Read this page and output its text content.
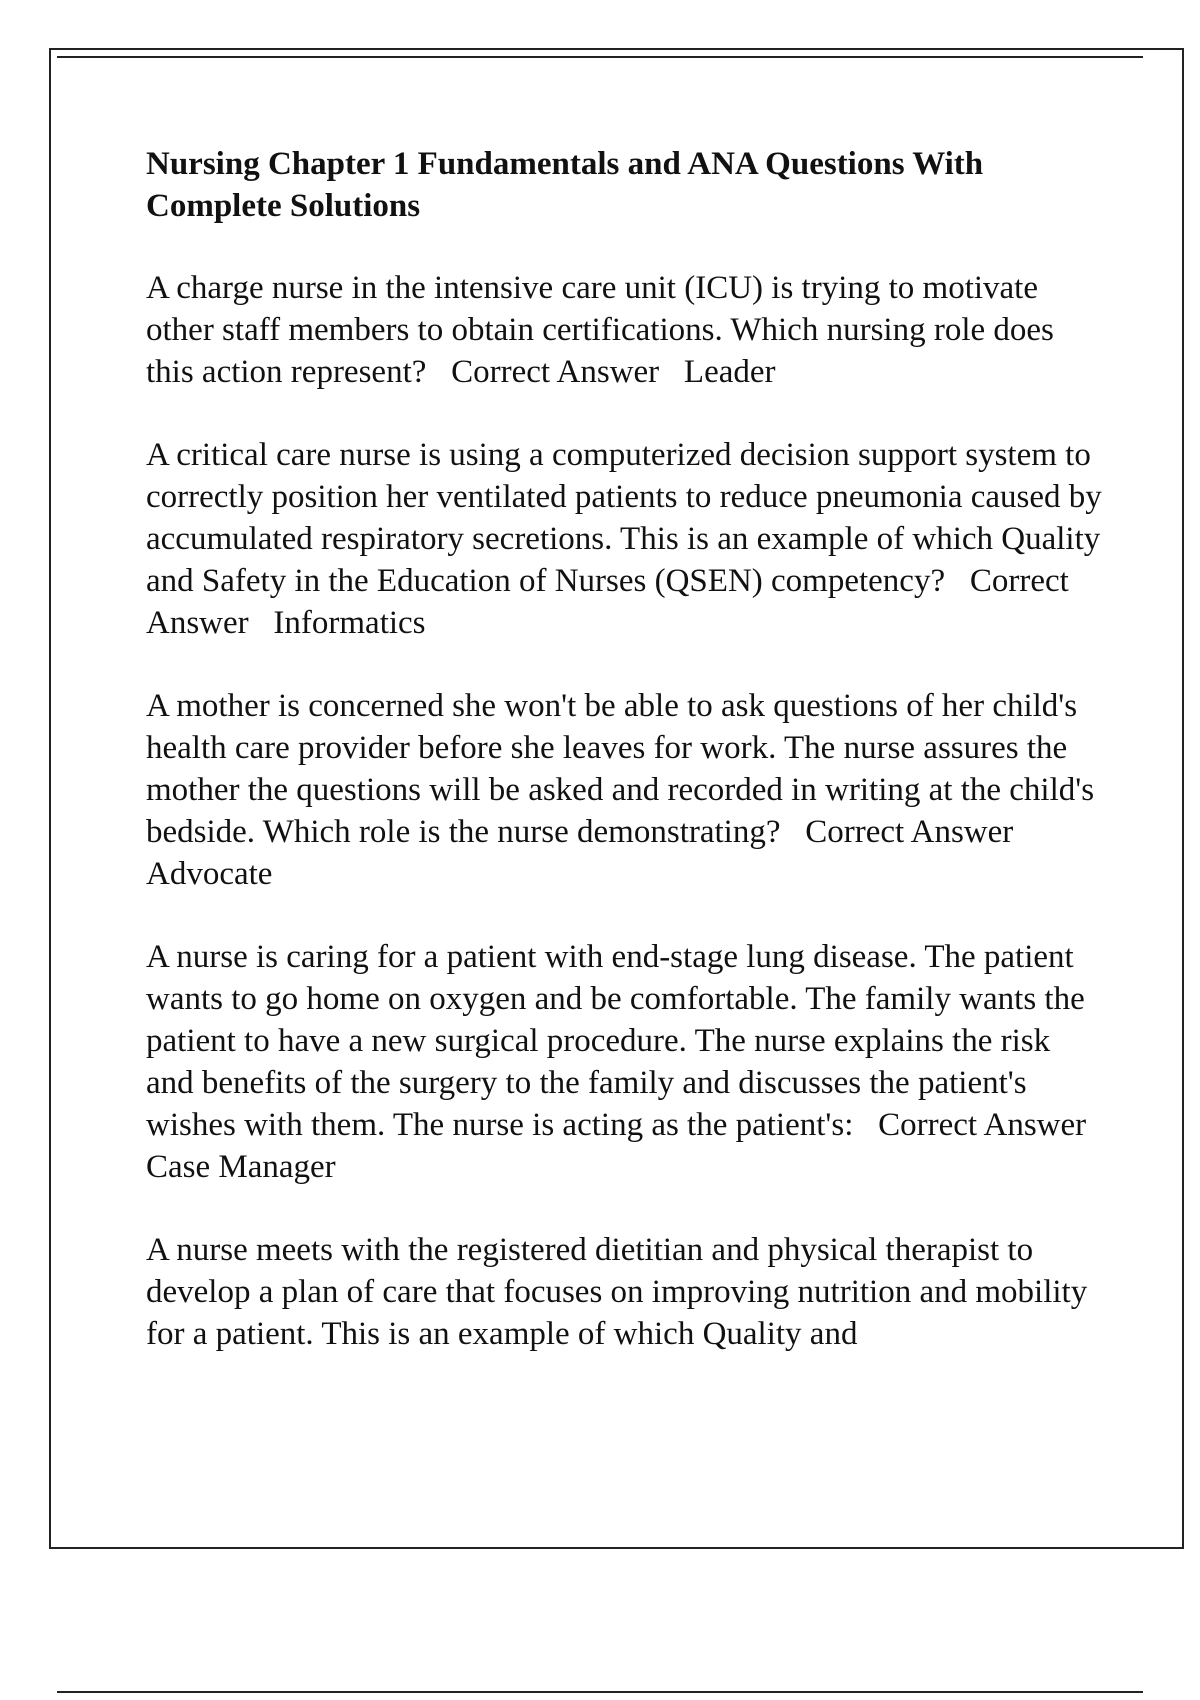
Nursing Chapter 1 Fundamentals and ANA Questions With Complete Solutions
A charge nurse in the intensive care unit (ICU) is trying to motivate other staff members to obtain certifications. Which nursing role does this action represent? Correct Answer Leader
A critical care nurse is using a computerized decision support system to correctly position her ventilated patients to reduce pneumonia caused by accumulated respiratory secretions. This is an example of which Quality and Safety in the Education of Nurses (QSEN) competency? Correct Answer Informatics
A mother is concerned she won't be able to ask questions of her child's health care provider before she leaves for work. The nurse assures the mother the questions will be asked and recorded in writing at the child's bedside. Which role is the nurse demonstrating? Correct Answer   Advocate
A nurse is caring for a patient with end-stage lung disease. The patient wants to go home on oxygen and be comfortable. The family wants the patient to have a new surgical procedure. The nurse explains the risk and benefits of the surgery to the family and discusses the patient's wishes with them. The nurse is acting as the patient's: Correct Answer   Case Manager
A nurse meets with the registered dietitian and physical therapist to develop a plan of care that focuses on improving nutrition and mobility for a patient. This is an example of which Quality and
